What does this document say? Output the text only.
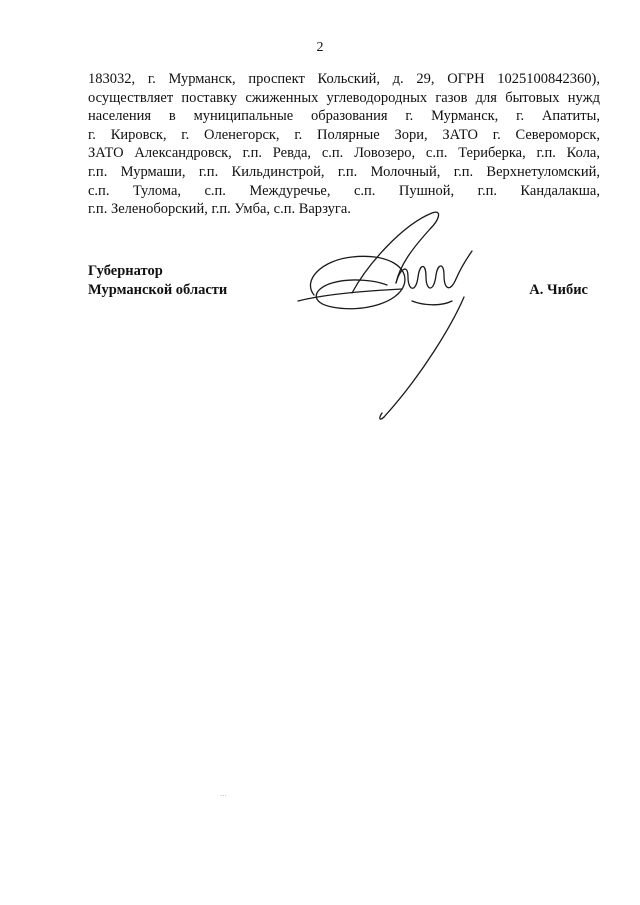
2
183032, г. Мурманск, проспект Кольский, д. 29, ОГРН 1025100842360),
осуществляет поставку сжиженных углеводородных газов для бытовых нужд
населения в муниципальные образования г. Мурманск, г. Апатиты,
г. Кировск, г. Оленегорск, г. Полярные Зори, ЗАТО г. Североморск,
ЗАТО Александровск, г.п. Ревда, с.п. Ловозеро, с.п. Териберка, г.п. Кола,
г.п. Мурмаши, г.п. Кильдинстрой, г.п. Молочный, г.п. Верхнетуломский,
с.п. Тулома, с.п. Междуречье, с.п. Пушной, г.п. Кандалакша,
г.п. Зеленоборский, г.п. Умба, с.п. Варзуга.
Губернатор
Мурманской области	А. Чибис
...
